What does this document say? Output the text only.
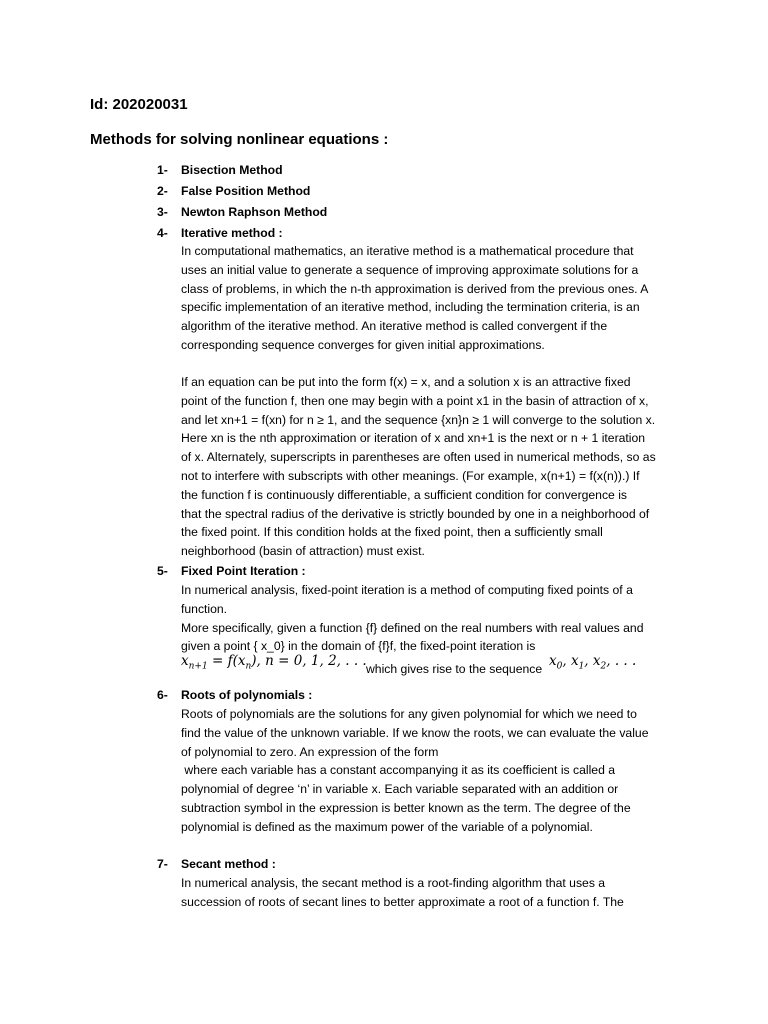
Id: 202020031
Methods for solving nonlinear equations :
1- Bisection Method
2- False Position Method
3- Newton Raphson Method
4- Iterative method :
In computational mathematics, an iterative method is a mathematical procedure that
uses an initial value to generate a sequence of improving approximate solutions for a
class of problems, in which the n-th approximation is derived from the previous ones. A
specific implementation of an iterative method, including the termination criteria, is an
algorithm of the iterative method. An iterative method is called convergent if the
corresponding sequence converges for given initial approximations.
If an equation can be put into the form f(x) = x, and a solution x is an attractive fixed
point of the function f, then one may begin with a point x1 in the basin of attraction of x,
and let xn+1 = f(xn) for n ≥ 1, and the sequence {xn}n ≥ 1 will converge to the solution x.
Here xn is the nth approximation or iteration of x and xn+1 is the next or n + 1 iteration
of x. Alternately, superscripts in parentheses are often used in numerical methods, so as
not to interfere with subscripts with other meanings. (For example, x(n+1) = f(x(n)).) If
the function f is continuously differentiable, a sufficient condition for convergence is
that the spectral radius of the derivative is strictly bounded by one in a neighborhood of
the fixed point. If this condition holds at the fixed point, then a sufficiently small
neighborhood (basin of attraction) must exist.
5- Fixed Point Iteration :
In numerical analysis, fixed-point iteration is a method of computing fixed points of a
function.
More specifically, given a function {f} defined on the real numbers with real values and
given a point { x_0} in the domain of {f}f, the fixed-point iteration is
$x_{n+1} = f(x_n)$, n = 0, 1, 2, . . .
which gives rise to the sequence
$x_0$, $x_1$, $x_2$, . . .
6- Roots of polynomials :
Roots of polynomials are the solutions for any given polynomial for which we need to
find the value of the unknown variable. If we know the roots, we can evaluate the value
of polynomial to zero. An expression of the form
where each variable has a constant accompanying it as its coefficient is called a
polynomial of degree ‘n’ in variable x. Each variable separated with an addition or
subtraction symbol in the expression is better known as the term. The degree of the
polynomial is defined as the maximum power of the variable of a polynomial.
7- Secant method :
In numerical analysis, the secant method is a root-finding algorithm that uses a
succession of roots of secant lines to better approximate a root of a function f. The
